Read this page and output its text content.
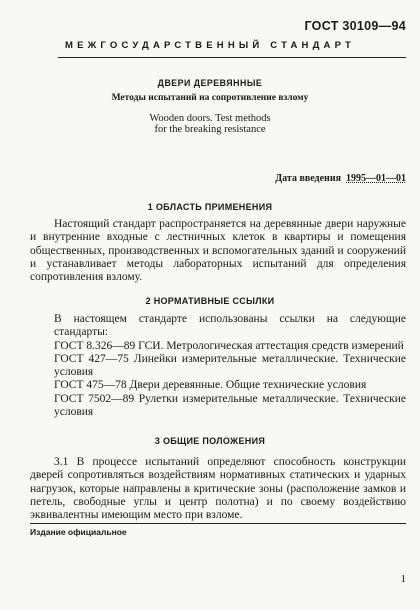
ГОСТ 30109—94
МЕЖГОСУДАРСТВЕННЫЙ СТАНДАРТ
ДВЕРИ ДЕРЕВЯННЫЕ
Методы испытаний на сопротивление взлому
Wooden doors. Test methods
for the breaking resistance
Дата введения 1995—01—01
1 ОБЛАСТЬ ПРИМЕНЕНИЯ
Настоящий стандарт распространяется на деревянные двери наружные и внутренние входные с лестничных клеток в квартиры и помещения общественных, производственных и вспомогательных зданий и сооружений и устанавливает методы лабораторных испытаний для определения сопротивления взлому.
2 НОРМАТИВНЫЕ ССЫЛКИ
В настоящем стандарте использованы ссылки на следующие стандарты:
ГОСТ 8.326—89 ГСИ. Метрологическая аттестация средств измерений
ГОСТ 427—75 Линейки измерительные металлические. Технические условия
ГОСТ 475—78 Двери деревянные. Общие технические условия
ГОСТ 7502—89 Рулетки измерительные металлические. Технические условия
3 ОБЩИЕ ПОЛОЖЕНИЯ
3.1 В процессе испытаний определяют способность конструкции дверей сопротивляться воздействиям нормативных статических и ударных нагрузок, которые направлены в критические зоны (расположение замков и петель, свободные углы и центр полотна) и по своему воздействию эквивалентны имеющим место при взломе.
Издание официальное
1
